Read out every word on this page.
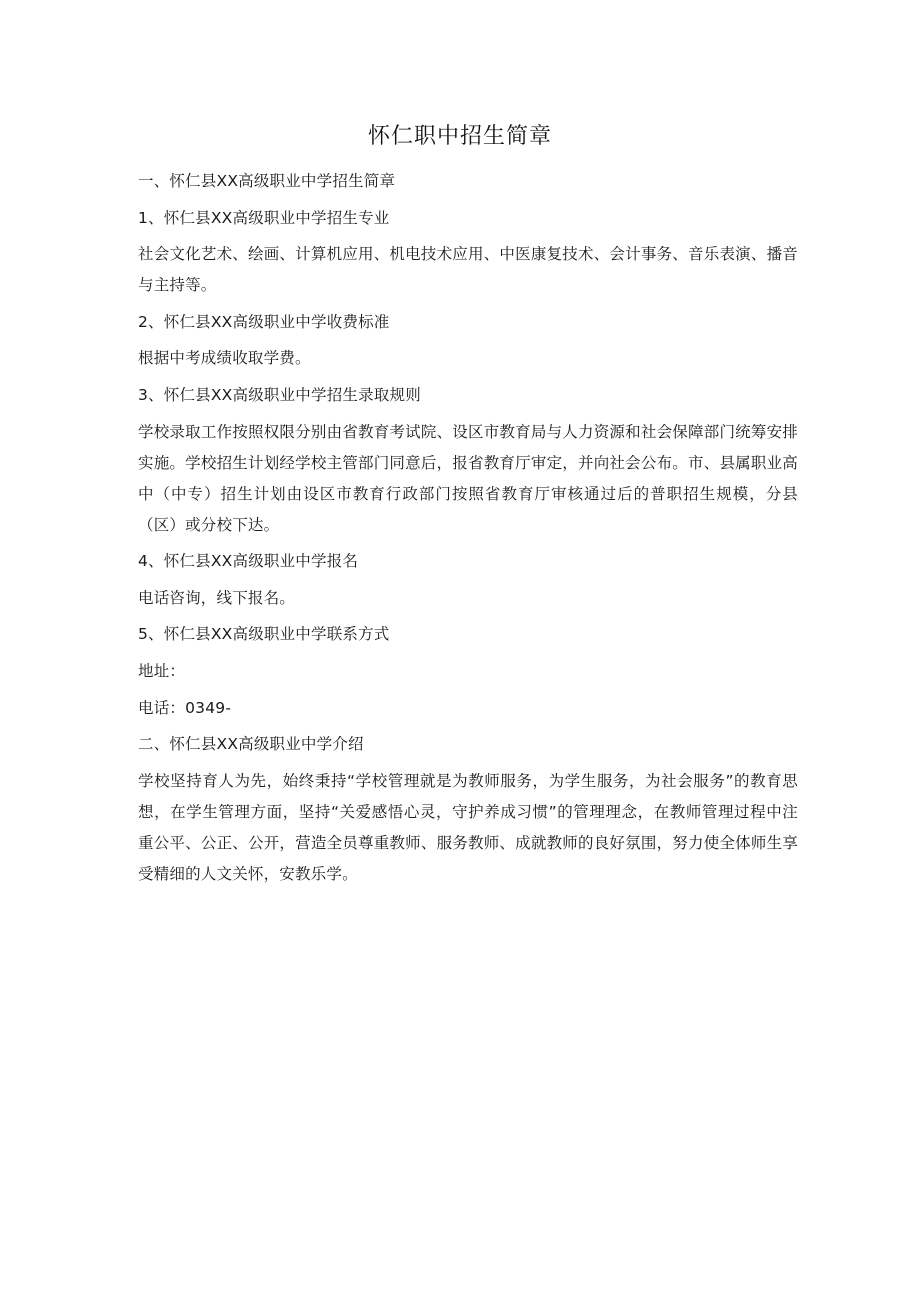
怀仁职中招生简章

一、怀仁县XX高级职业中学招生简章

1、怀仁县XX高级职业中学招生专业

社会文化艺术、绘画、计算机应用、机电技术应用、中医康复技术、会计事务、音乐表演、播音与主持等。

2、怀仁县XX高级职业中学收费标准

根据中考成绩收取学费。

3、怀仁县XX高级职业中学招生录取规则

学校录取工作按照权限分别由省教育考试院、设区市教育局与人力资源和社会保障部门统筹安排实施。学校招生计划经学校主管部门同意后，报省教育厅审定，并向社会公布。市、县属职业高中（中专）招生计划由设区市教育行政部门按照省教育厅审核通过后的普职招生规模，分县（区）或分校下达。

4、怀仁县XX高级职业中学报名

电话咨询，线下报名。

5、怀仁县XX高级职业中学联系方式

地址：

电话：0349-

二、怀仁县XX高级职业中学介绍

学校坚持育人为先，始终秉持“学校管理就是为教师服务，为学生服务，为社会服务”的教育思想，在学生管理方面，坚持“关爱感悟心灵，守护养成习惯”的管理理念，在教师管理过程中注重公平、公正、公开，营造全员尊重教师、服务教师、成就教师的良好氛围，努力使全体师生享受精细的人文关怀，安教乐学。
